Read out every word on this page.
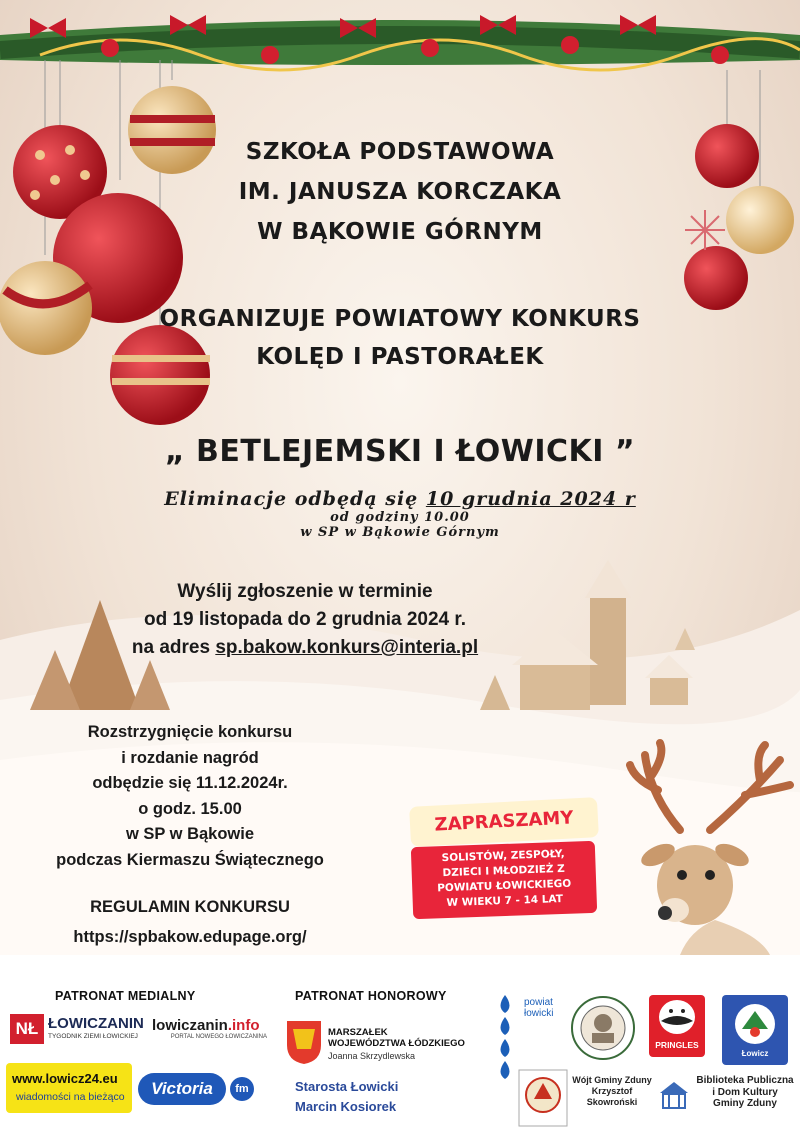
SZKOŁA PODSTAWOWA
IM. JANUSZA KORCZAKA
W BĄKOWIE GÓRNYM
ORGANIZUJE POWIATOWY KONKURS
KOLĘD I PASTORAŁEK
„ BETLEJEMSKI I ŁOWICKI ”
Eliminacje odbędą się 10 grudnia 2024 r
od godziny 10.00
w SP w Bąkowie Górnym
Wyślij zgłoszenie w terminie
od 19 listopada do 2 grudnia 2024 r.
na adres sp.bakow.konkurs@interia.pl
Rozstrzygnięcie konkursu
i rozdanie nagród
odbędzie się 11.12.2024r.
o godz. 15.00
w SP w Bąkowie
podczas Kiermaszu Świątecznego
REGULAMIN KONKURSU
https://spbakow.edupage.org/
ZAPRASZAMY
SOLISTÓW, ZESPOŁY,
DZIECI I MŁODZIEŻ Z
POWIATU ŁOWICKIEGO
W WIEKU 7 - 14 LAT
PATRONAT MEDIALNY	PATRONAT HONOROWY
NŁ ŁOWICZANIN
TYGODNIK ZIEMI ŁOWICKIEJ
lowiczanin.info
PORTAL NOWEGO ŁOWICZANINA
www.lowicz24.eu
wiadomości na bieżąco	Victoria	fm
MARSZAŁEK
WOJEWÓDZTWA ŁÓDZKIEGO
Joanna Skrzydlewska
Starosta Łowicki
Marcin Kosiorek
powiat
łowicki
PRINGLES
Łowicz
Wójt Gminy Zduny
Krzysztof
Skowroński
Biblioteka Publiczna
i Dom Kultury
Gminy Zduny
